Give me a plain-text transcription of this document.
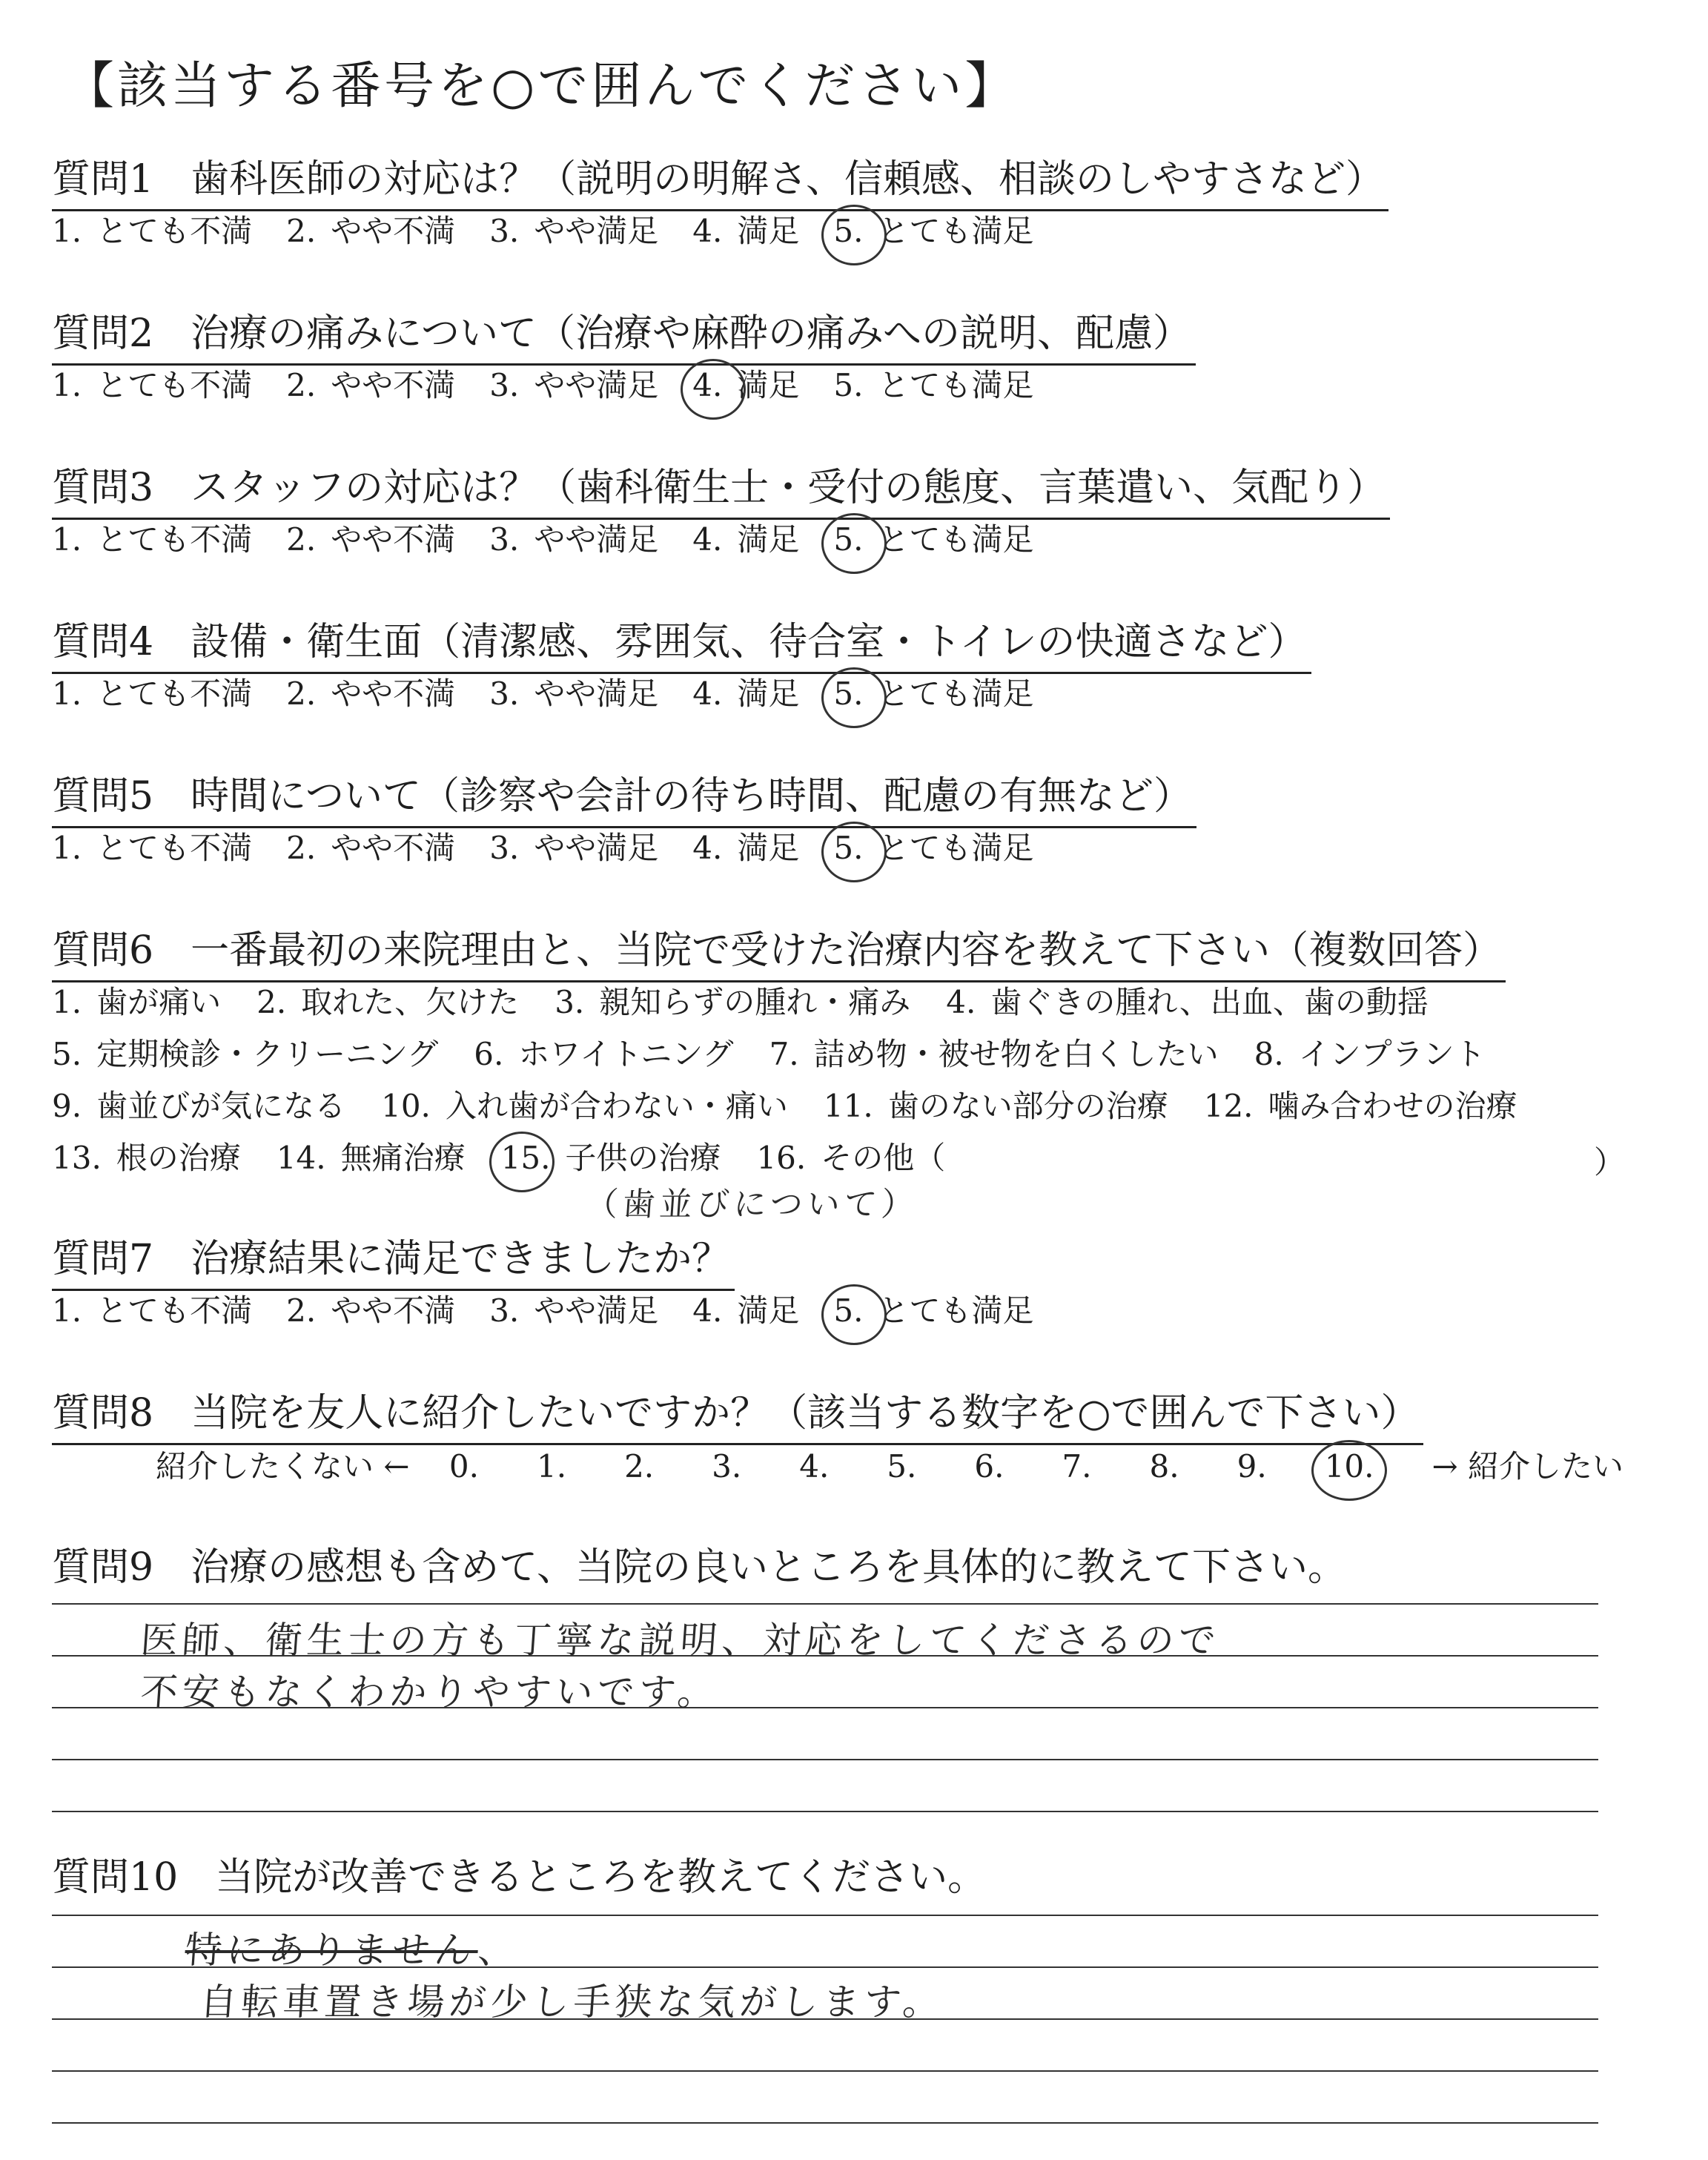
【該当する番号を○で囲んでください】
質問1 歯科医師の対応は？（説明の明解さ、信頼感、相談のしやすさなど）
1. とても不満 2. やや不満 3. やや満足 4. 満足 5. とても満足
質問2 治療の痛みについて（治療や麻酔の痛みへの説明、配慮）
1. とても不満 2. やや不満 3. やや満足 4. 満足 5. とても満足
質問3 スタッフの対応は？（歯科衛生士・受付の態度、言葉遣い、気配り）
1. とても不満 2. やや不満 3. やや満足 4. 満足 5. とても満足
質問4 設備・衛生面（清潔感、雰囲気、待合室・トイレの快適さなど）
1. とても不満 2. やや不満 3. やや満足 4. 満足 5. とても満足
質問5 時間について（診察や会計の待ち時間、配慮の有無など）
1. とても不満 2. やや不満 3. やや満足 4. 満足 5. とても満足
質問6 一番最初の来院理由と、当院で受けた治療内容を教えて下さい（複数回答）
1. 歯が痛い 2. 取れた、欠けた 3. 親知らずの腫れ・痛み 4. 歯ぐきの腫れ、出血、歯の動揺
5. 定期検診・クリーニング 6. ホワイトニング 7. 詰め物・被せ物を白くしたい 8. インプラント
9. 歯並びが気になる 10. 入れ歯が合わない・痛い 11. 歯のない部分の治療 12. 噛み合わせの治療
13. 根の治療 14. 無痛治療 15. 子供の治療 16. その他（	）
（歯並びについて）
質問7 治療結果に満足できましたか？
1. とても不満 2. やや不満 3. やや満足 4. 満足 5. とても満足
質問8 当院を友人に紹介したいですか？（該当する数字を○で囲んで下さい）
紹介したくない ← 0. 1. 2. 3. 4. 5. 6. 7. 8. 9. 10. → 紹介したい
質問9 治療の感想も含めて、当院の良いところを具体的に教えて下さい。
医師、衛生士の方も丁寧な説明、対応をしてくださるので
不安もなくわかりやすいです。
質問10 当院が改善できるところを教えてください。
特にありません、
自転車置き場が少し手狭な気がします。
